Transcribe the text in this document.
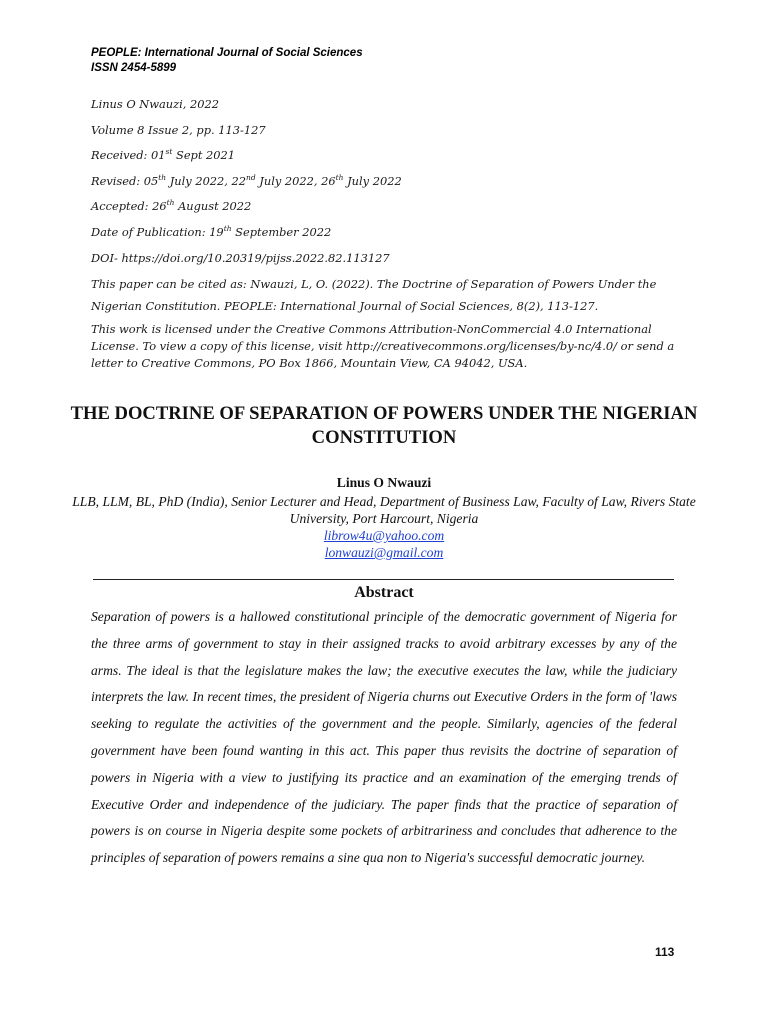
PEOPLE: International Journal of Social Sciences
ISSN 2454-5899
Linus O Nwauzi, 2022
Volume 8 Issue 2, pp. 113-127
Received: 01st Sept 2021
Revised: 05th July 2022, 22nd July 2022, 26th July 2022
Accepted: 26th August 2022
Date of Publication: 19th September 2022
DOI- https://doi.org/10.20319/pijss.2022.82.113127
This paper can be cited as: Nwauzi, L, O. (2022). The Doctrine of Separation of Powers Under the Nigerian Constitution. PEOPLE: International Journal of Social Sciences, 8(2), 113-127.
This work is licensed under the Creative Commons Attribution-NonCommercial 4.0 International License. To view a copy of this license, visit http://creativecommons.org/licenses/by-nc/4.0/ or send a letter to Creative Commons, PO Box 1866, Mountain View, CA 94042, USA.
THE DOCTRINE OF SEPARATION OF POWERS UNDER THE NIGERIAN CONSTITUTION
Linus O Nwauzi
LLB, LLM, BL, PhD (India), Senior Lecturer and Head, Department of Business Law, Faculty of Law, Rivers State University, Port Harcourt, Nigeria
librow4u@yahoo.com
lonwauzi@gmail.com
Abstract
Separation of powers is a hallowed constitutional principle of the democratic government of Nigeria for the three arms of government to stay in their assigned tracks to avoid arbitrary excesses by any of the arms. The ideal is that the legislature makes the law; the executive executes the law, while the judiciary interprets the law. In recent times, the president of Nigeria churns out Executive Orders in the form of 'laws seeking to regulate the activities of the government and the people. Similarly, agencies of the federal government have been found wanting in this act. This paper thus revisits the doctrine of separation of powers in Nigeria with a view to justifying its practice and an examination of the emerging trends of Executive Order and independence of the judiciary. The paper finds that the practice of separation of powers is on course in Nigeria despite some pockets of arbitrariness and concludes that adherence to the principles of separation of powers remains a sine qua non to Nigeria's successful democratic journey.
113
